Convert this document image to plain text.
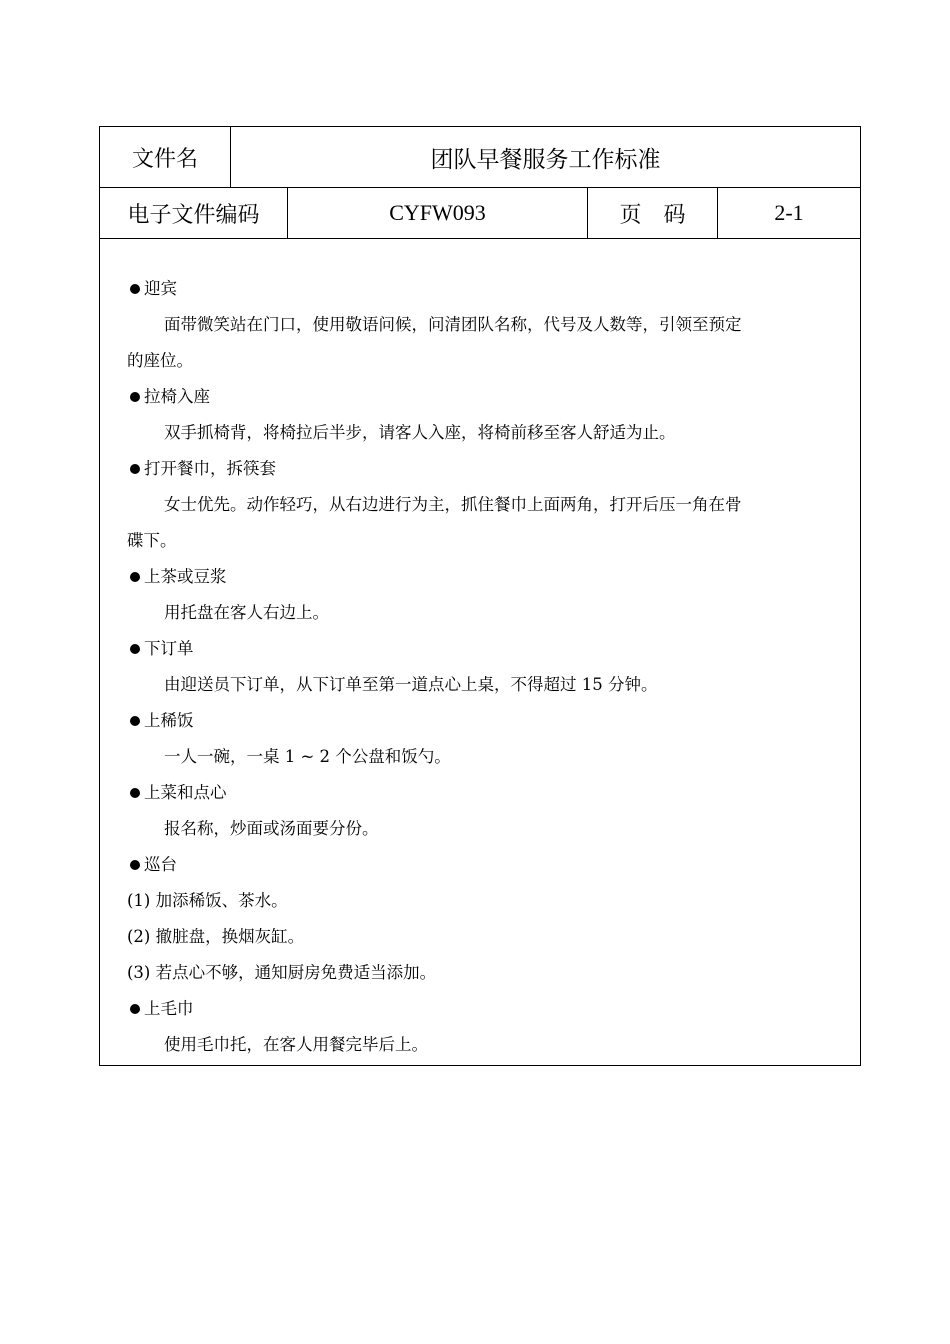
文件名	团队早餐服务工作标准
电子文件编码	CYFW093	页　码	2-1
迎宾
面带微笑站在门口，使用敬语问候，问清团队名称，代号及人数等，引领至预定
的座位。
拉椅入座
双手抓椅背，将椅拉后半步，请客人入座，将椅前移至客人舒适为止。
打开餐巾，拆筷套
女士优先。动作轻巧，从右边进行为主，抓住餐巾上面两角，打开后压一角在骨
碟下。
上茶或豆浆
用托盘在客人右边上。
下订单
由迎送员下订单，从下订单至第一道点心上桌，不得超过 15 分钟。
上稀饭
一人一碗，一桌 1 ~ 2 个公盘和饭勺。
上菜和点心
报名称，炒面或汤面要分份。
巡台
(1) 加添稀饭、茶水。
(2) 撤脏盘，换烟灰缸。
(3) 若点心不够，通知厨房免费适当添加。
上毛巾
使用毛巾托，在客人用餐完毕后上。
